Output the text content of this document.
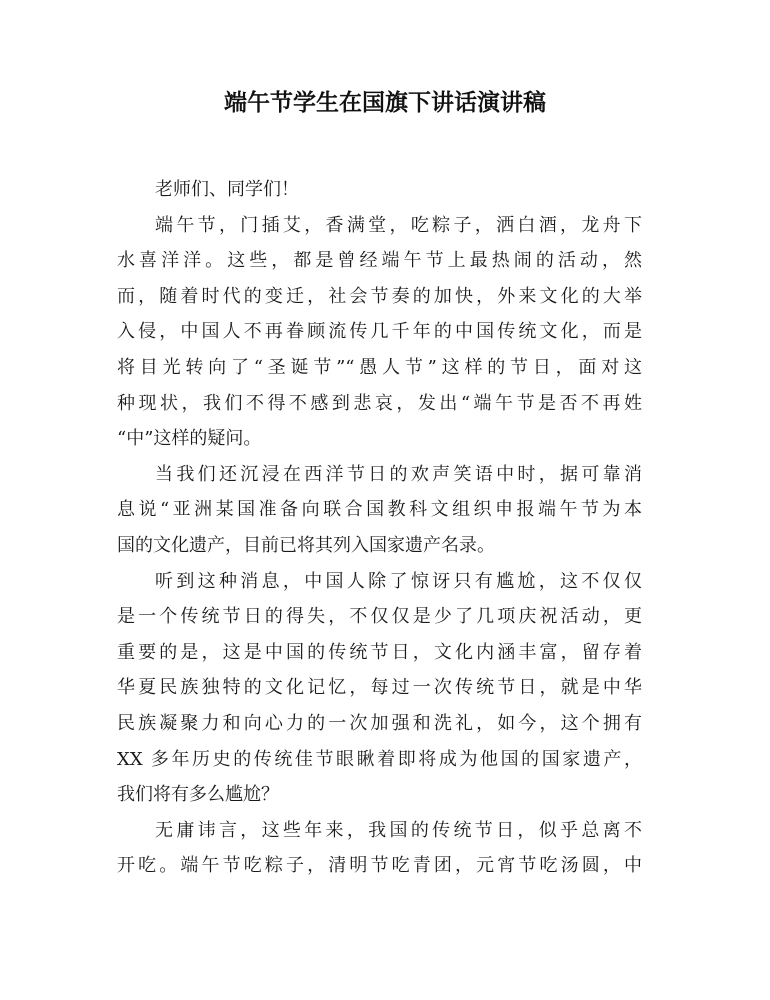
端午节学生在国旗下讲话演讲稿
老师们、同学们！
端午节，门插艾，香满堂，吃粽子，洒白酒，龙舟下
水喜洋洋。这些，都是曾经端午节上最热闹的活动，然
而，随着时代的变迁，社会节奏的加快，外来文化的大举
入侵，中国人不再眷顾流传几千年的中国传统文化，而是
将目光转向了“圣诞节”“愚人节”这样的节日，面对这
种现状，我们不得不感到悲哀，发出“端午节是否不再姓
“中”这样的疑问。
当我们还沉浸在西洋节日的欢声笑语中时，据可靠消
息说“亚洲某国准备向联合国教科文组织申报端午节为本
国的文化遗产，目前已将其列入国家遗产名录。
听到这种消息，中国人除了惊讶只有尴尬，这不仅仅
是一个传统节日的得失，不仅仅是少了几项庆祝活动，更
重要的是，这是中国的传统节日，文化内涵丰富，留存着
华夏民族独特的文化记忆，每过一次传统节日，就是中华
民族凝聚力和向心力的一次加强和洗礼，如今，这个拥有
XX 多年历史的传统佳节眼瞅着即将成为他国的国家遗产，
我们将有多么尴尬？
无庸讳言，这些年来，我国的传统节日，似乎总离不
开吃。端午节吃粽子，清明节吃青团，元宵节吃汤圆，中
